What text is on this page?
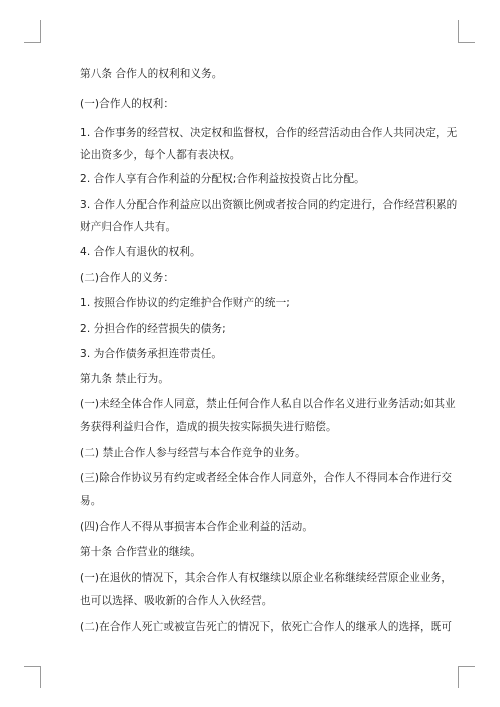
第八条 合作人的权利和义务。
(一)合作人的权利：
1. 合作事务的经营权、决定权和监督权，合作的经营活动由合作人共同决定，无
论出资多少，每个人都有表决权。
2. 合作人享有合作利益的分配权;合作利益按投资占比分配。
3. 合作人分配合作利益应以出资额比例或者按合同的约定进行，合作经营积累的
财产归合作人共有。
4. 合作人有退伙的权利。
(二)合作人的义务：
1. 按照合作协议的约定维护合作财产的统一;
2. 分担合作的经营损失的债务;
3. 为合作债务承担连带责任。
第九条 禁止行为。
(一)未经全体合作人同意，禁止任何合作人私自以合作名义进行业务活动;如其业
务获得利益归合作，造成的损失按实际损失进行赔偿。
(二) 禁止合作人参与经营与本合作竞争的业务。
(三)除合作协议另有约定或者经全体合作人同意外，合作人不得同本合作进行交
易。
(四)合作人不得从事损害本合作企业利益的活动。
第十条 合作营业的继续。
(一)在退伙的情况下，其余合作人有权继续以原企业名称继续经营原企业业务，
也可以选择、吸收新的合作人入伙经营。
(二)在合作人死亡或被宣告死亡的情况下，依死亡合作人的继承人的选择，既可
